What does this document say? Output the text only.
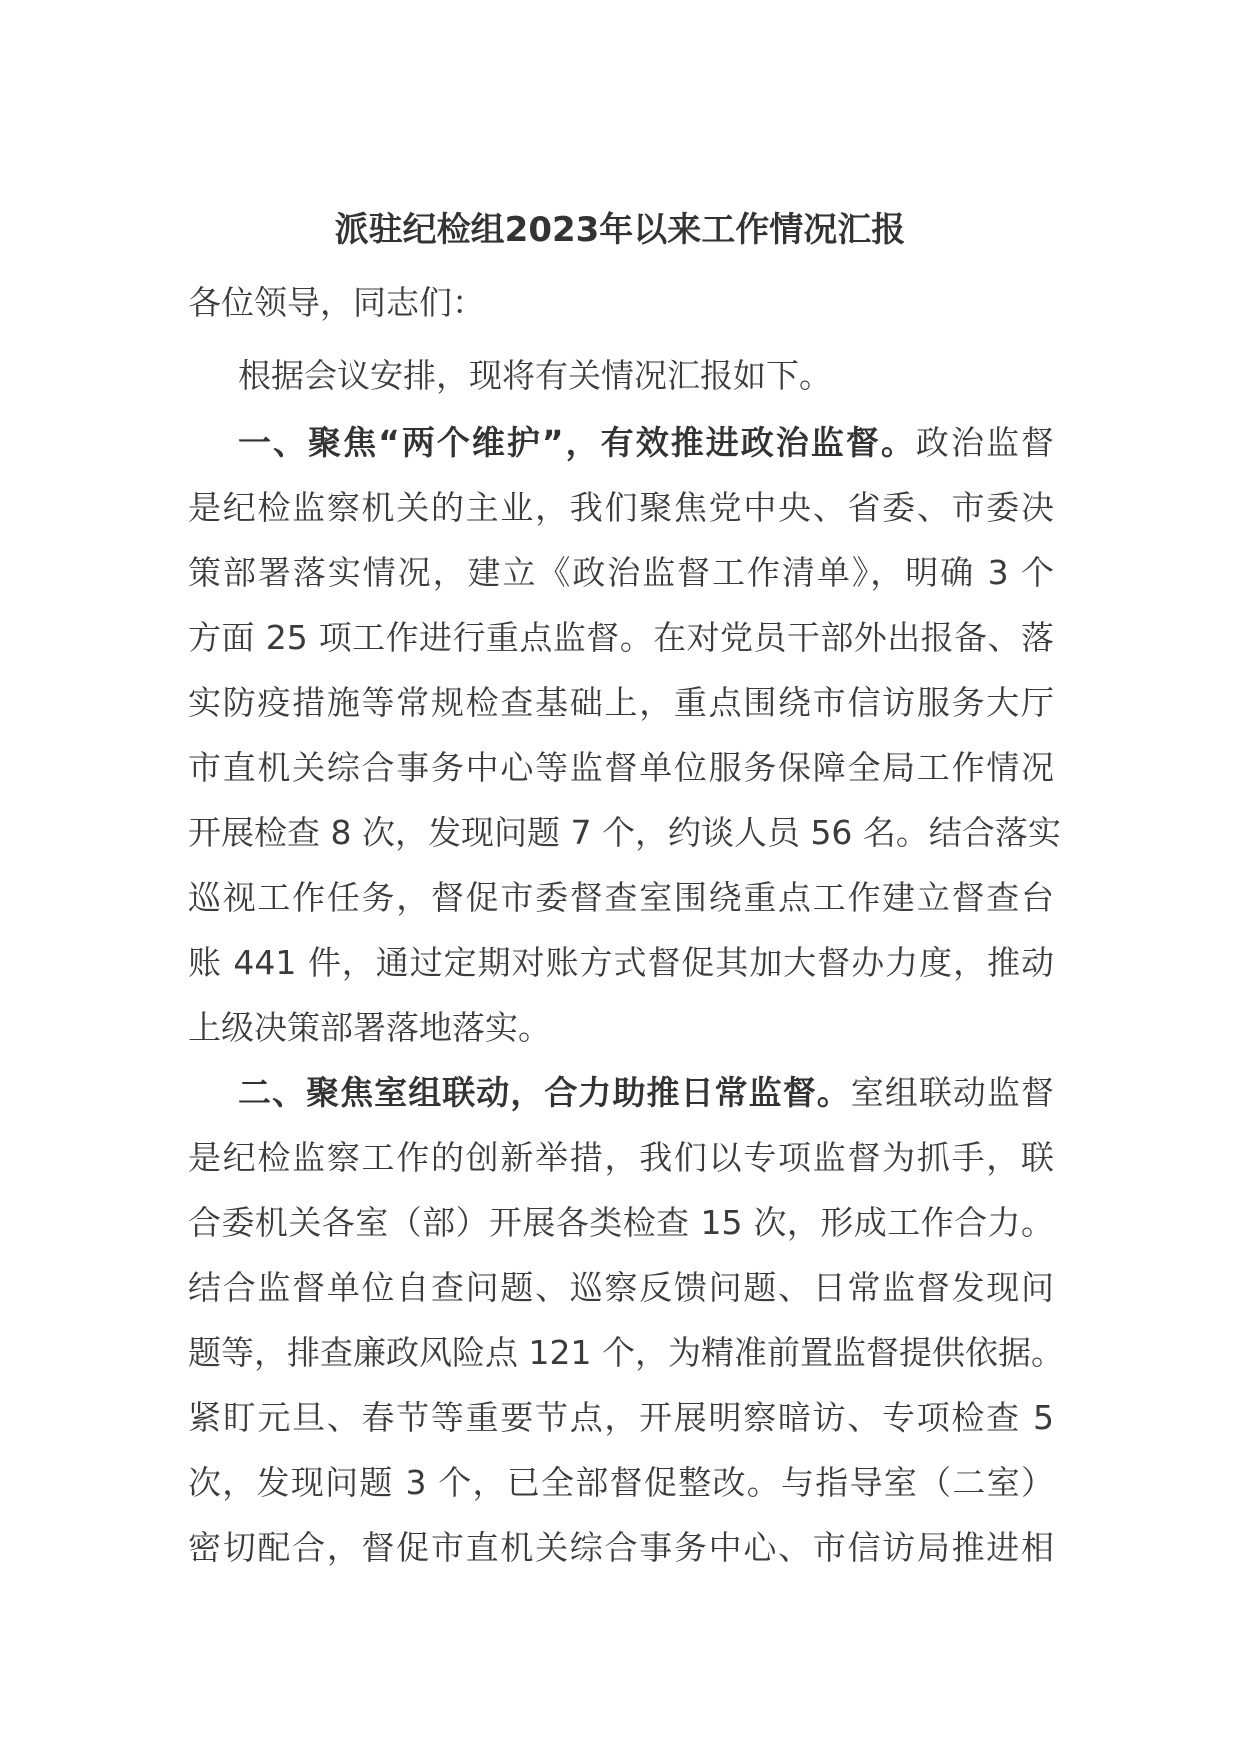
派驻纪检组2023年以来工作情况汇报
各位领导，同志们：
根据会议安排，现将有关情况汇报如下。
一、聚焦“两个维护”，有效推进政治监督。政治监督
是纪检监察机关的主业，我们聚焦党中央、省委、市委决
策部署落实情况，建立《政治监督工作清单》，明确 3 个
方面 25 项工作进行重点监督。在对党员干部外出报备、落
实防疫措施等常规检查基础上，重点围绕市信访服务大厅
市直机关综合事务中心等监督单位服务保障全局工作情况
开展检查 8 次，发现问题 7 个，约谈人员 56 名。结合落实
巡视工作任务，督促市委督查室围绕重点工作建立督查台
账 441 件，通过定期对账方式督促其加大督办力度，推动
上级决策部署落地落实。
二、聚焦室组联动，合力助推日常监督。室组联动监督
是纪检监察工作的创新举措，我们以专项监督为抓手，联
合委机关各室（部）开展各类检查 15 次，形成工作合力。
结合监督单位自查问题、巡察反馈问题、日常监督发现问
题等，排查廉政风险点 121 个，为精准前置监督提供依据。
紧盯元旦、春节等重要节点，开展明察暗访、专项检查 5
次，发现问题 3 个，已全部督促整改。与指导室（二室）
密切配合，督促市直机关综合事务中心、市信访局推进相
